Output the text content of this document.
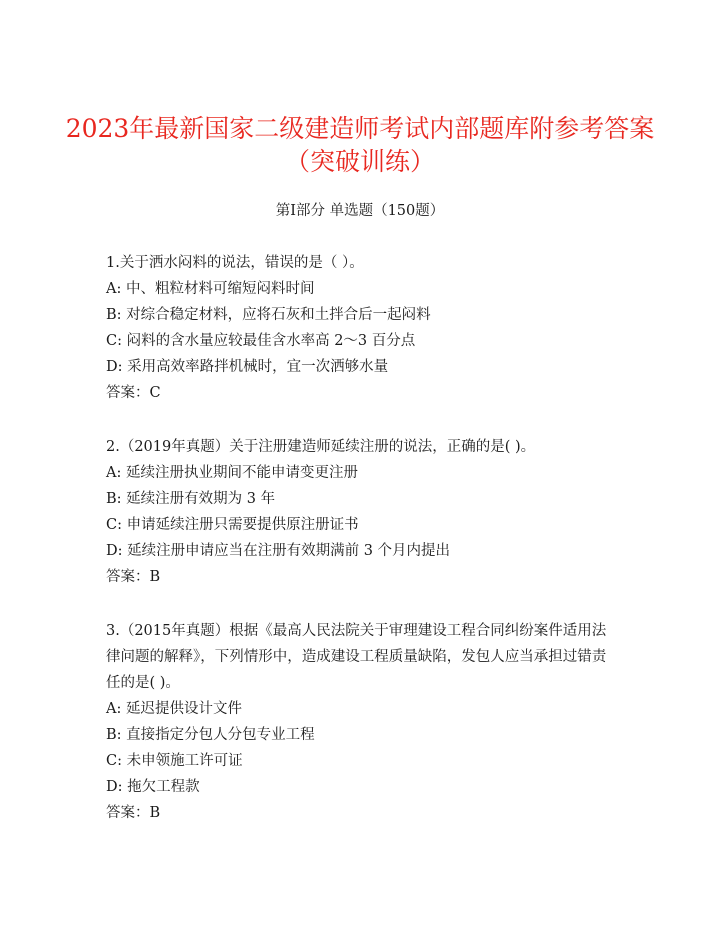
2023年最新国家二级建造师考试内部题库附参考答案（突破训练）

第I部分 单选题（150题）

1.关于洒水闷料的说法，错误的是（ ）。
A: 中、粗粒材料可缩短闷料时间
B: 对综合稳定材料，应将石灰和土拌合后一起闷料
C: 闷料的含水量应较最佳含水率高 2～3 百分点
D: 采用高效率路拌机械时，宜一次洒够水量
答案：C
2.（2019年真题）关于注册建造师延续注册的说法，正确的是( )。
A: 延续注册执业期间不能申请变更注册
B: 延续注册有效期为 3 年
C: 申请延续注册只需要提供原注册证书
D: 延续注册申请应当在注册有效期满前 3 个月内提出
答案：B
3.（2015年真题）根据《最高人民法院关于审理建设工程合同纠纷案件适用法律问题的解释》，下列情形中，造成建设工程质量缺陷，发包人应当承担过错责任的是( )。
A: 延迟提供设计文件
B: 直接指定分包人分包专业工程
C: 未申领施工许可证
D: 拖欠工程款
答案：B
